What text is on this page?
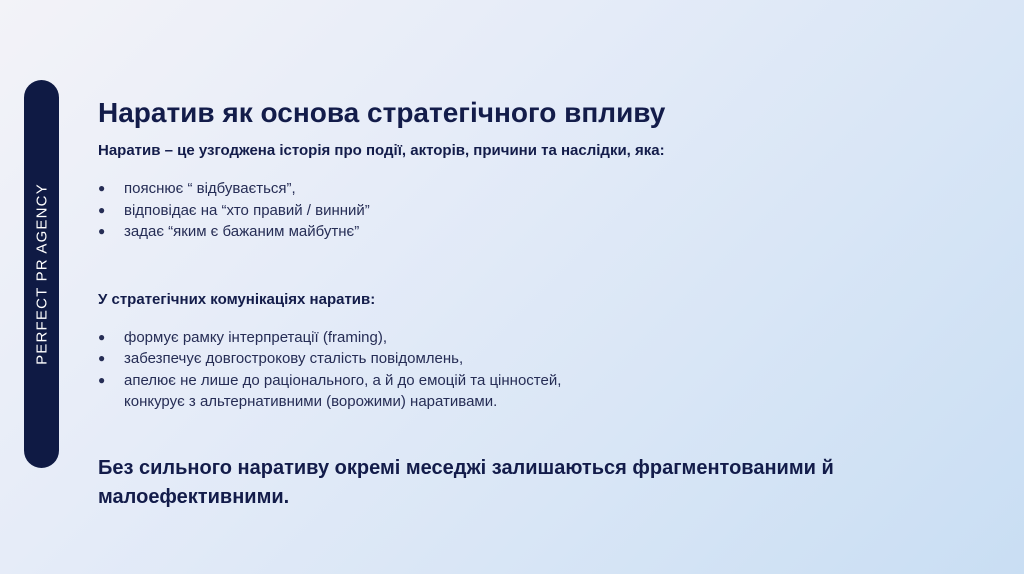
PERFECT PR AGENCY
Наратив як основа стратегічного впливу

Наратив – це узгоджена історія про події, акторів, причини та наслідки, яка:

● пояснює “ відбувається”,
● відповідає на “хто правий / винний”
● задає “яким є бажаним майбутнє”

У стратегічних комунікаціях наратив:

● формує рамку інтерпретації (framing),
● забезпечує довгострокову сталість повідомлень,
● апелює не лише до раціонального, а й до емоцій та цінностей,
конкурує з альтернативними (ворожими) наративами.

Без сильного наративу окремі меседжі залишаються фрагментованими й малоефективними.
